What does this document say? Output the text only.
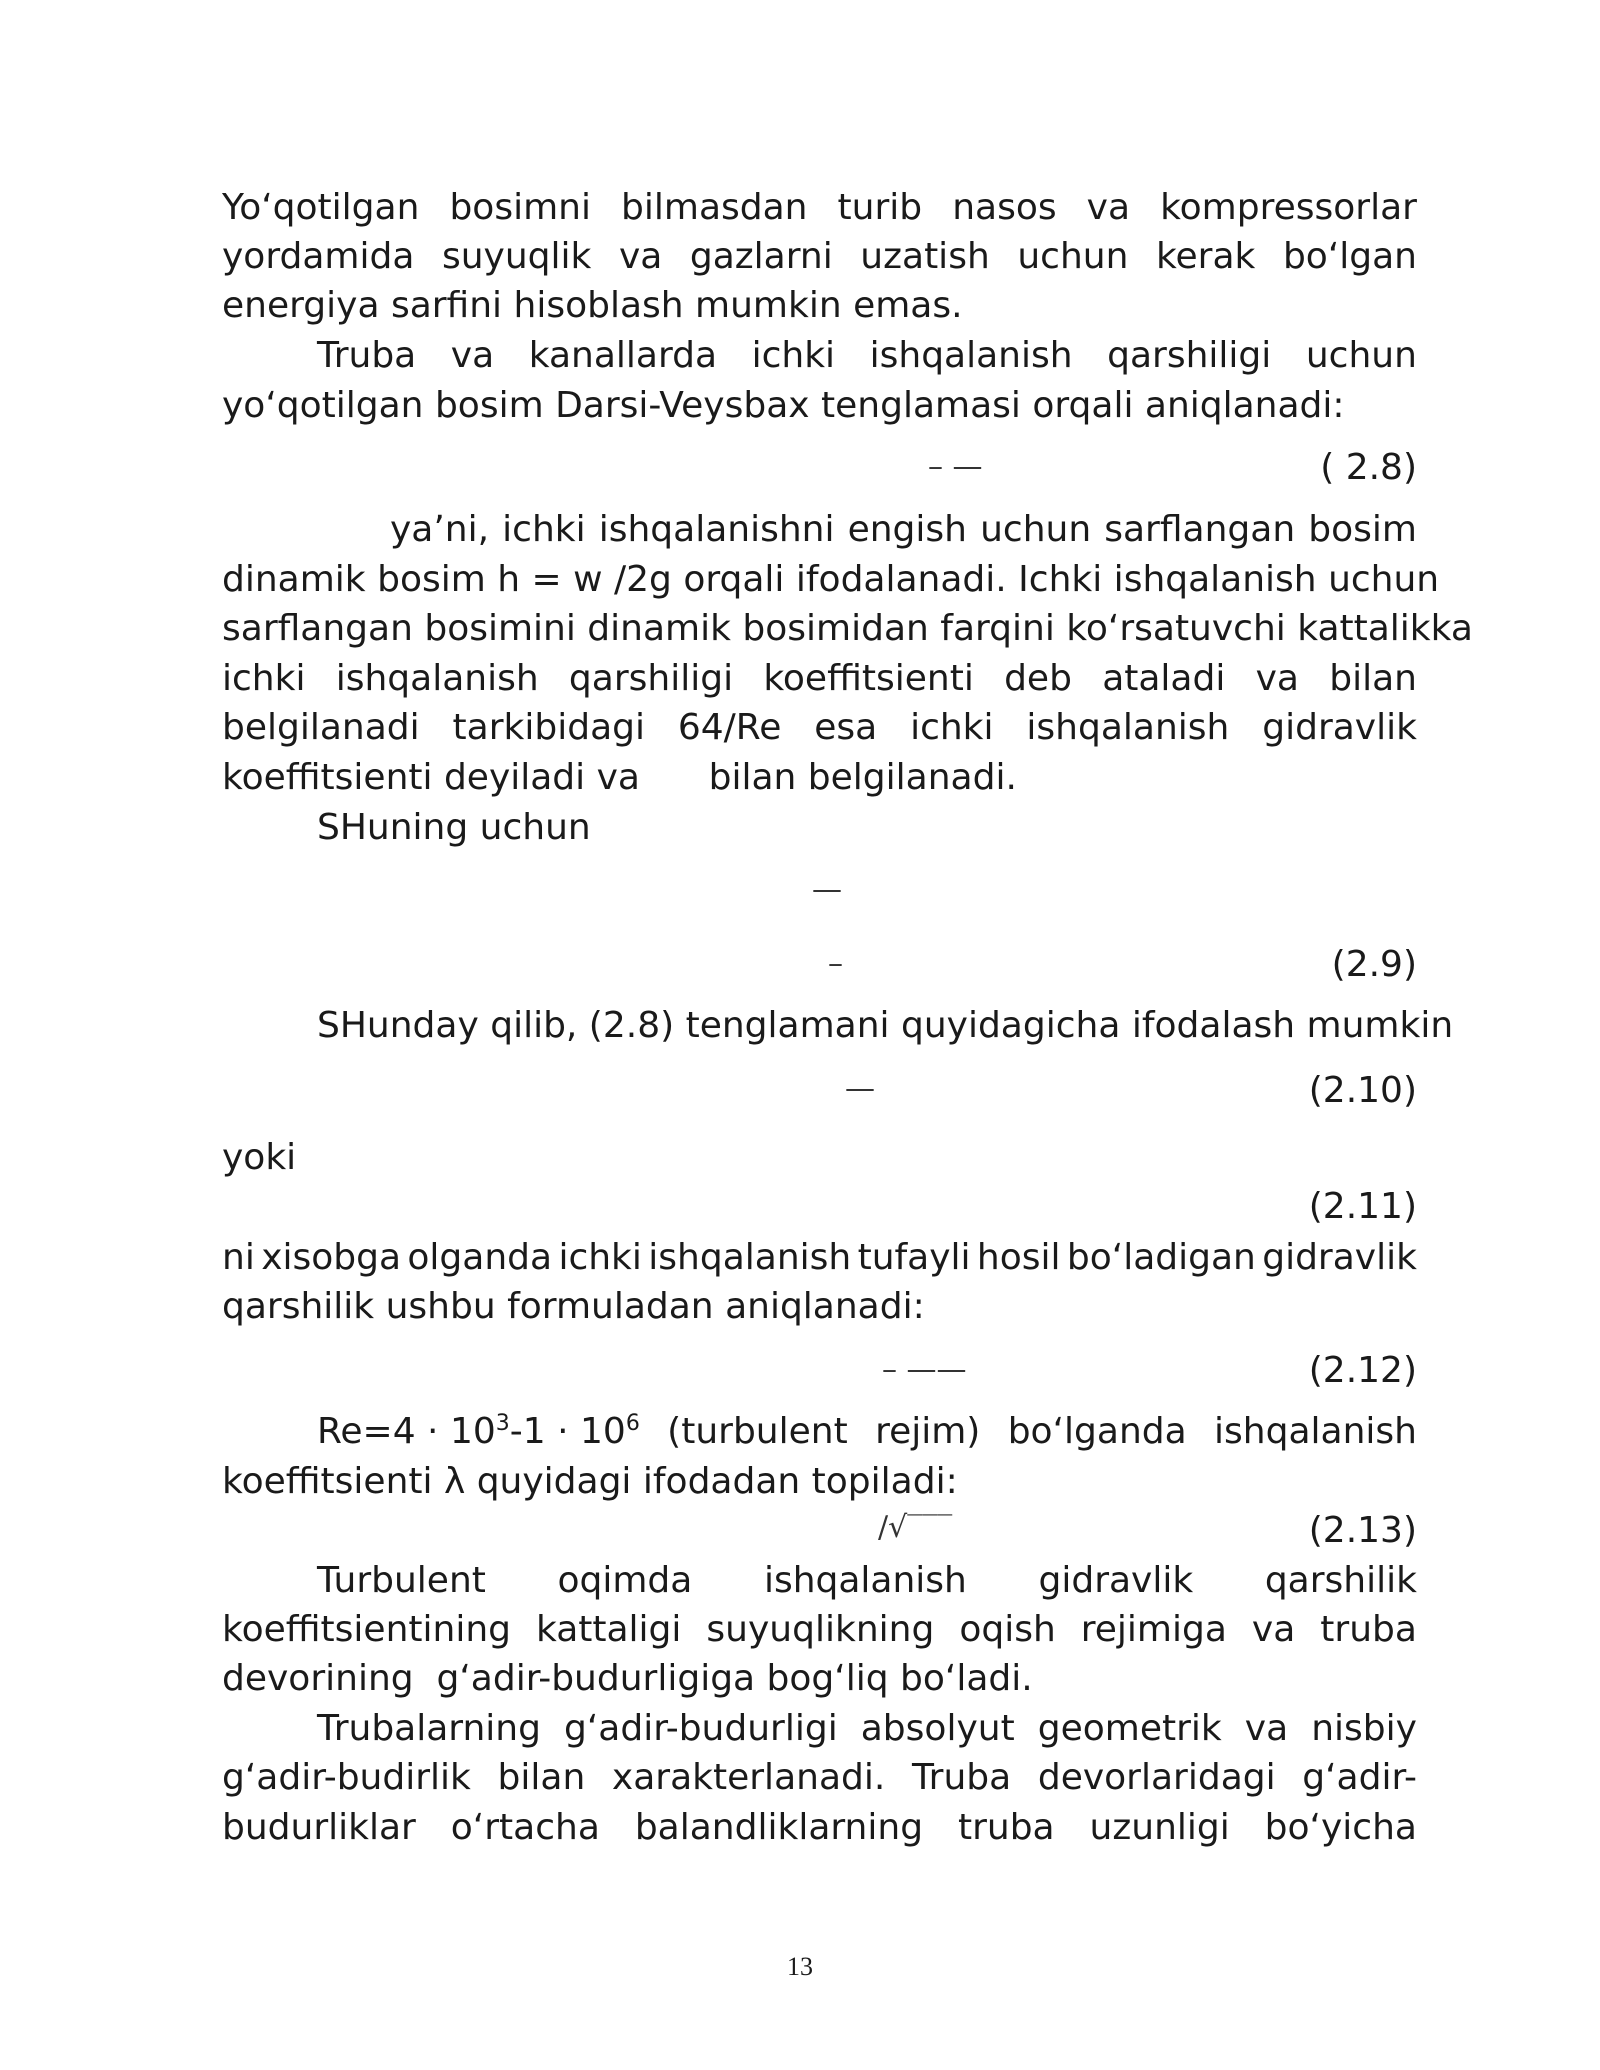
Yo‘qotilgan bosimni bilmasdan turib nasos va kompressorlar
yordamida suyuqlik va gazlarni uzatish uchun kerak bo‘lgan
energiya sarfini hisoblash mumkin emas.
Truba va kanallarda ichki ishqalanish qarshiligi uchun
yo‘qotilgan bosim Darsi-Veysbax tenglamasi orqali aniqlanadi:
– —	( 2.8)
ya’ni, ichki ishqalanishni engish uchun sarflangan bosim
dinamik bosim h = w /2g orqali ifodalanadi. Ichki ishqalanish uchun
sarflangan bosimini dinamik bosimidan farqini ko‘rsatuvchi kattalikka
ichki ishqalanish qarshiligi koeffitsienti deb ataladi va bilan
belgilanadi tarkibidagi 64/Re esa ichki ishqalanish gidravlik
koeffitsienti deyiladi va      bilan belgilanadi.
SHuning uchun
—
–	(2.9)
SHunday qilib, (2.8) tenglamani quyidagicha ifodalash mumkin
—	(2.10)
yoki
(2.11)
ni xisobga olganda ichki ishqalanish tufayli hosil bo‘ladigan gidravlik
qarshilik ushbu formuladan aniqlanadi:
– ——	(2.12)
$Re=4 \cdot 10^3-1 \cdot 10^6$ (turbulent rejim) bo‘lganda ishqalanish
koeffitsienti λ quyidagi ifodadan topiladi:
/√‾‾‾	(2.13)
Turbulent oqimda ishqalanish gidravlik qarshilik
koeffitsientining kattaligi suyuqlikning oqish rejimiga va truba
devorining  g‘adir-budurligiga bog‘liq bo‘ladi.
Trubalarning g‘adir-budurligi absolyut geometrik va nisbiy
g‘adir-budirlik bilan xarakterlanadi. Truba devorlaridagi g‘adir-
budurliklar o‘rtacha balandliklarning truba uzunligi bo‘yicha
13
